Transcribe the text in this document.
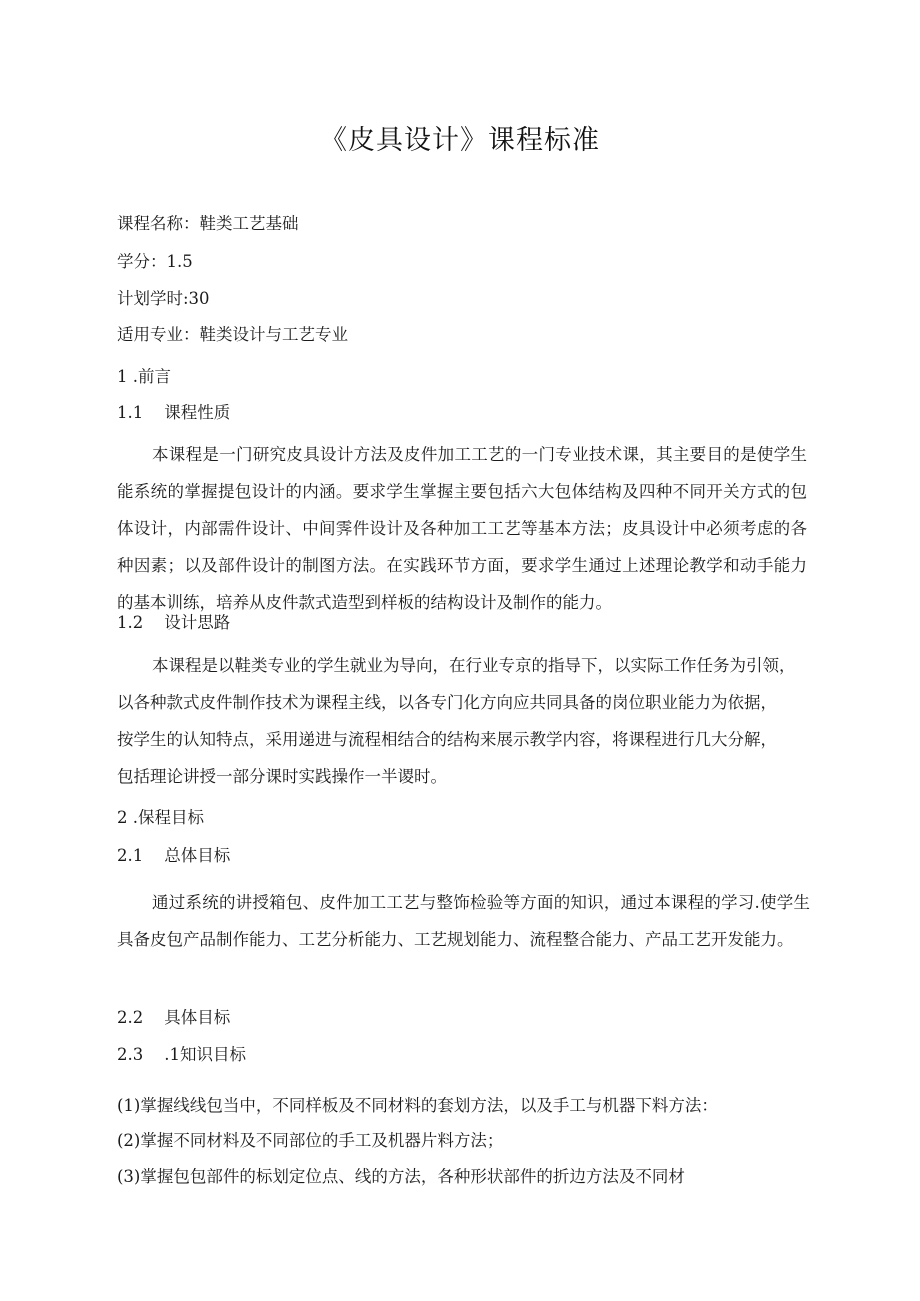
《皮具设计》课程标准
课程名称：鞋类工艺基础
学分：1.5
计划学时:30
适用专业：鞋类设计与工艺专业
1 .前言
1.1    课程性质
本课程是一门研究皮具设计方法及皮件加工工艺的一门专业技术课，其主要目的是使学生能系统的掌握提包设计的内涵。要求学生掌握主要包括六大包体结构及四种不同开关方式的包体设计，内部需件设计、中间霁件设计及各种加工工艺等基本方法；皮具设计中必须考虑的各种因素；以及部件设计的制图方法。在实践环节方面，要求学生通过上述理论教学和动手能力的基本训练，培养从皮件款式造型到样板的结构设计及制作的能力。
1.2    设计思路
本课程是以鞋类专业的学生就业为导向，在行业专京的指导下，以实际工作任务为引领，
以各种款式皮件制作技术为课程主线，以各专门化方向应共同具备的岗位职业能力为依据，
按学生的认知特点，采用递进与流程相结合的结构来展示教学内容，将课程进行几大分解，
包括理论讲授一部分课时实践操作一半谡时。
2 .保程目标
2.1    总体目标
通过系统的讲授箱包、皮件加工工艺与整饰检验等方面的知识，通过本课程的学习.使学生具备皮包产品制作能力、工艺分析能力、工艺规划能力、流程整合能力、产品工艺开发能力。
2.2    具体目标
2.3    .1知识目标
(1)掌握线线包当中，不同样板及不同材料的套划方法，以及手工与机器下料方法：
(2)掌握不同材料及不同部位的手工及机器片料方法；
(3)掌握包包部件的标划定位点、线的方法，各种形状部件的折边方法及不同材
